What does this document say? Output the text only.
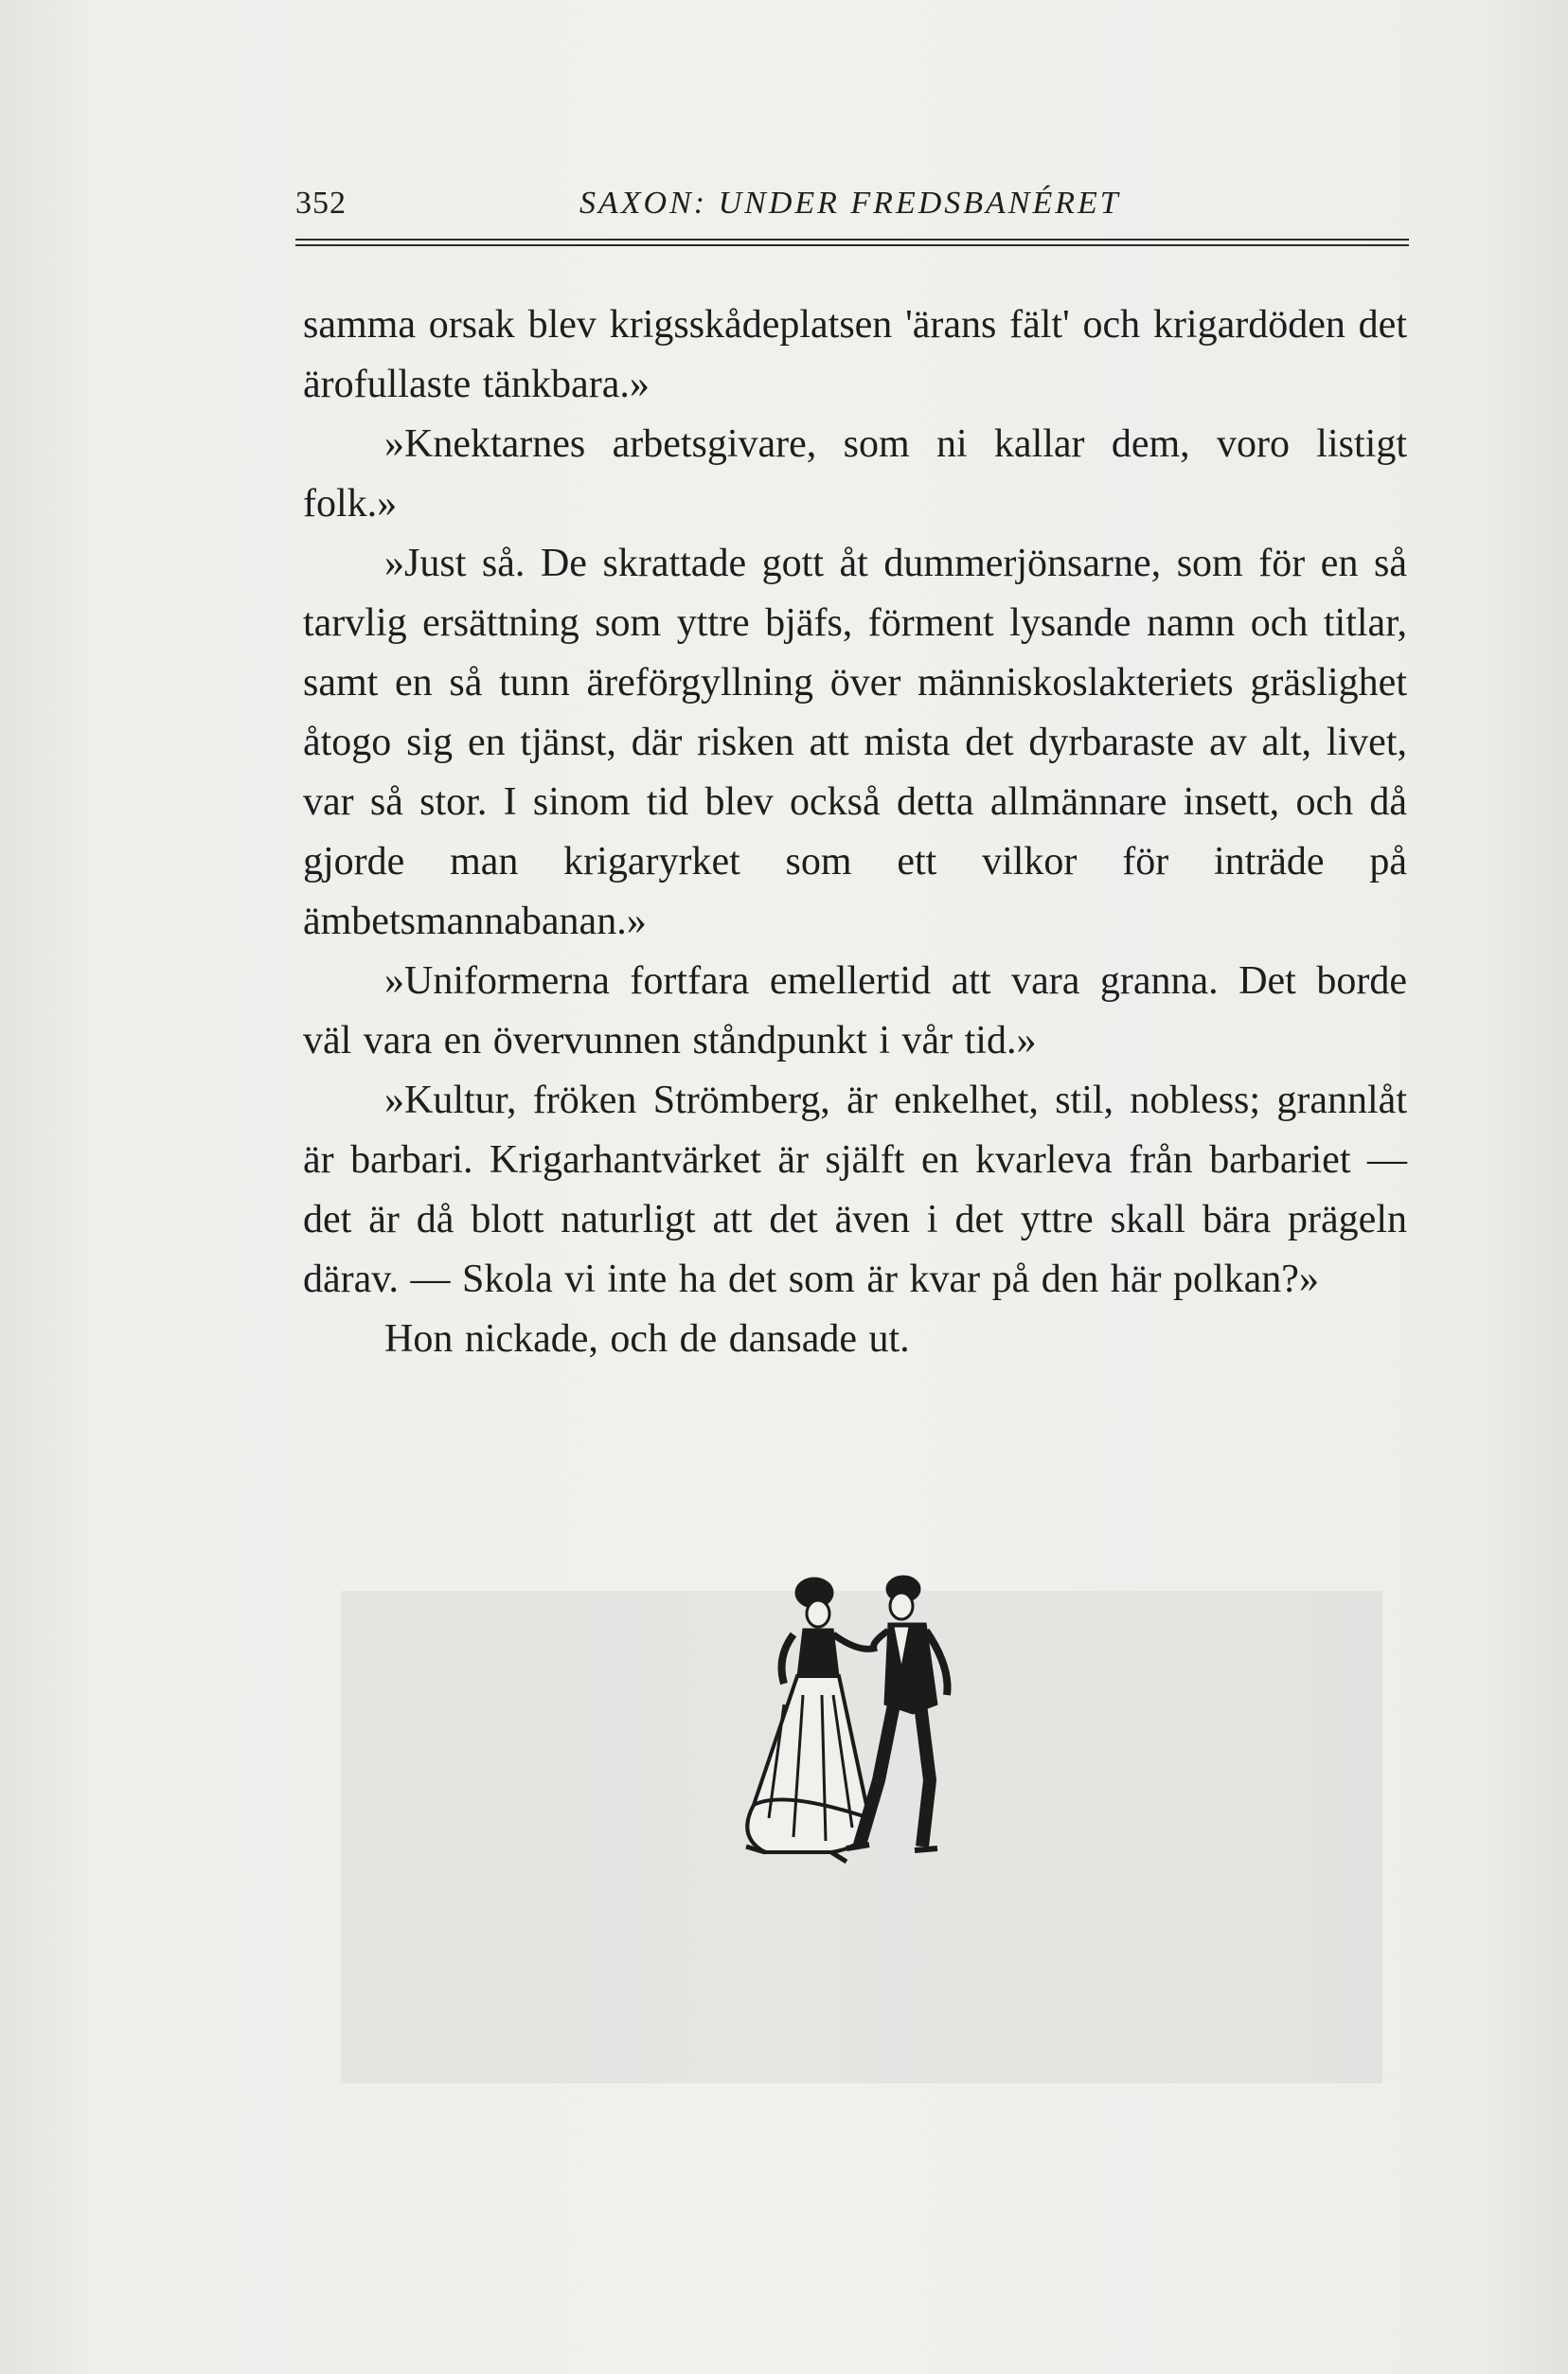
352	SAXON: UNDER FREDSBANÉRET

samma orsak blev krigsskådeplatsen 'ärans fält' och krigardöden det ärofullaste tänkbara.»

»Knektarnes arbetsgivare, som ni kallar dem, voro listigt folk.»

»Just så. De skrattade gott åt dummerjönsarne, som för en så tarvlig ersättning som yttre bjäfs, förment lysande namn och titlar, samt en så tunn äreförgyllning över människoslakteriets gräslighet åtogo sig en tjänst, där risken att mista det dyrbaraste av alt, livet, var så stor. I sinom tid blev också detta allmännare insett, och då gjorde man krigaryrket som ett vilkor för inträde på ämbetsmannabanan.»

»Uniformerna fortfara emellertid att vara granna. Det borde väl vara en övervunnen ståndpunkt i vår tid.»

»Kultur, fröken Strömberg, är enkelhet, stil, nobless; grannlåt är barbari. Krigarhantvärket är själft en kvarleva från barbariet — det är då blott naturligt att det även i det yttre skall bära prägeln därav. — Skola vi inte ha det som är kvar på den här polkan?»

Hon nickade, och de dansade ut.
